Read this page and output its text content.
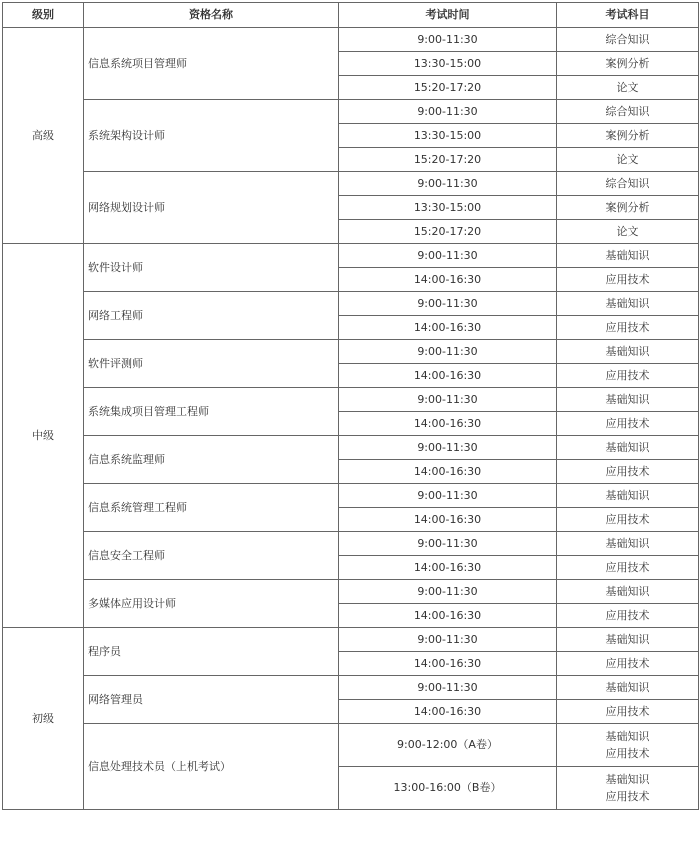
级别	资格名称	考试时间	考试科目
高级	信息系统项目管理师	9:00-11:30	综合知识
		13:30-15:00	案例分析
		15:20-17:20	论文
	系统架构设计师	9:00-11:30	综合知识
		13:30-15:00	案例分析
		15:20-17:20	论文
	网络规划设计师	9:00-11:30	综合知识
		13:30-15:00	案例分析
		15:20-17:20	论文
中级	软件设计师	9:00-11:30	基础知识
		14:00-16:30	应用技术
	网络工程师	9:00-11:30	基础知识
		14:00-16:30	应用技术
	软件评测师	9:00-11:30	基础知识
		14:00-16:30	应用技术
	系统集成项目管理工程师	9:00-11:30	基础知识
		14:00-16:30	应用技术
	信息系统监理师	9:00-11:30	基础知识
		14:00-16:30	应用技术
	信息系统管理工程师	9:00-11:30	基础知识
		14:00-16:30	应用技术
	信息安全工程师	9:00-11:30	基础知识
		14:00-16:30	应用技术
	多媒体应用设计师	9:00-11:30	基础知识
		14:00-16:30	应用技术
初级	程序员	9:00-11:30	基础知识
		14:00-16:30	应用技术
	网络管理员	9:00-11:30	基础知识
		14:00-16:30	应用技术
	信息处理技术员（上机考试）	9:00-12:00（A卷）	基础知识
应用技术

		13:00-16:00（B卷）	基础知识
应用技术
